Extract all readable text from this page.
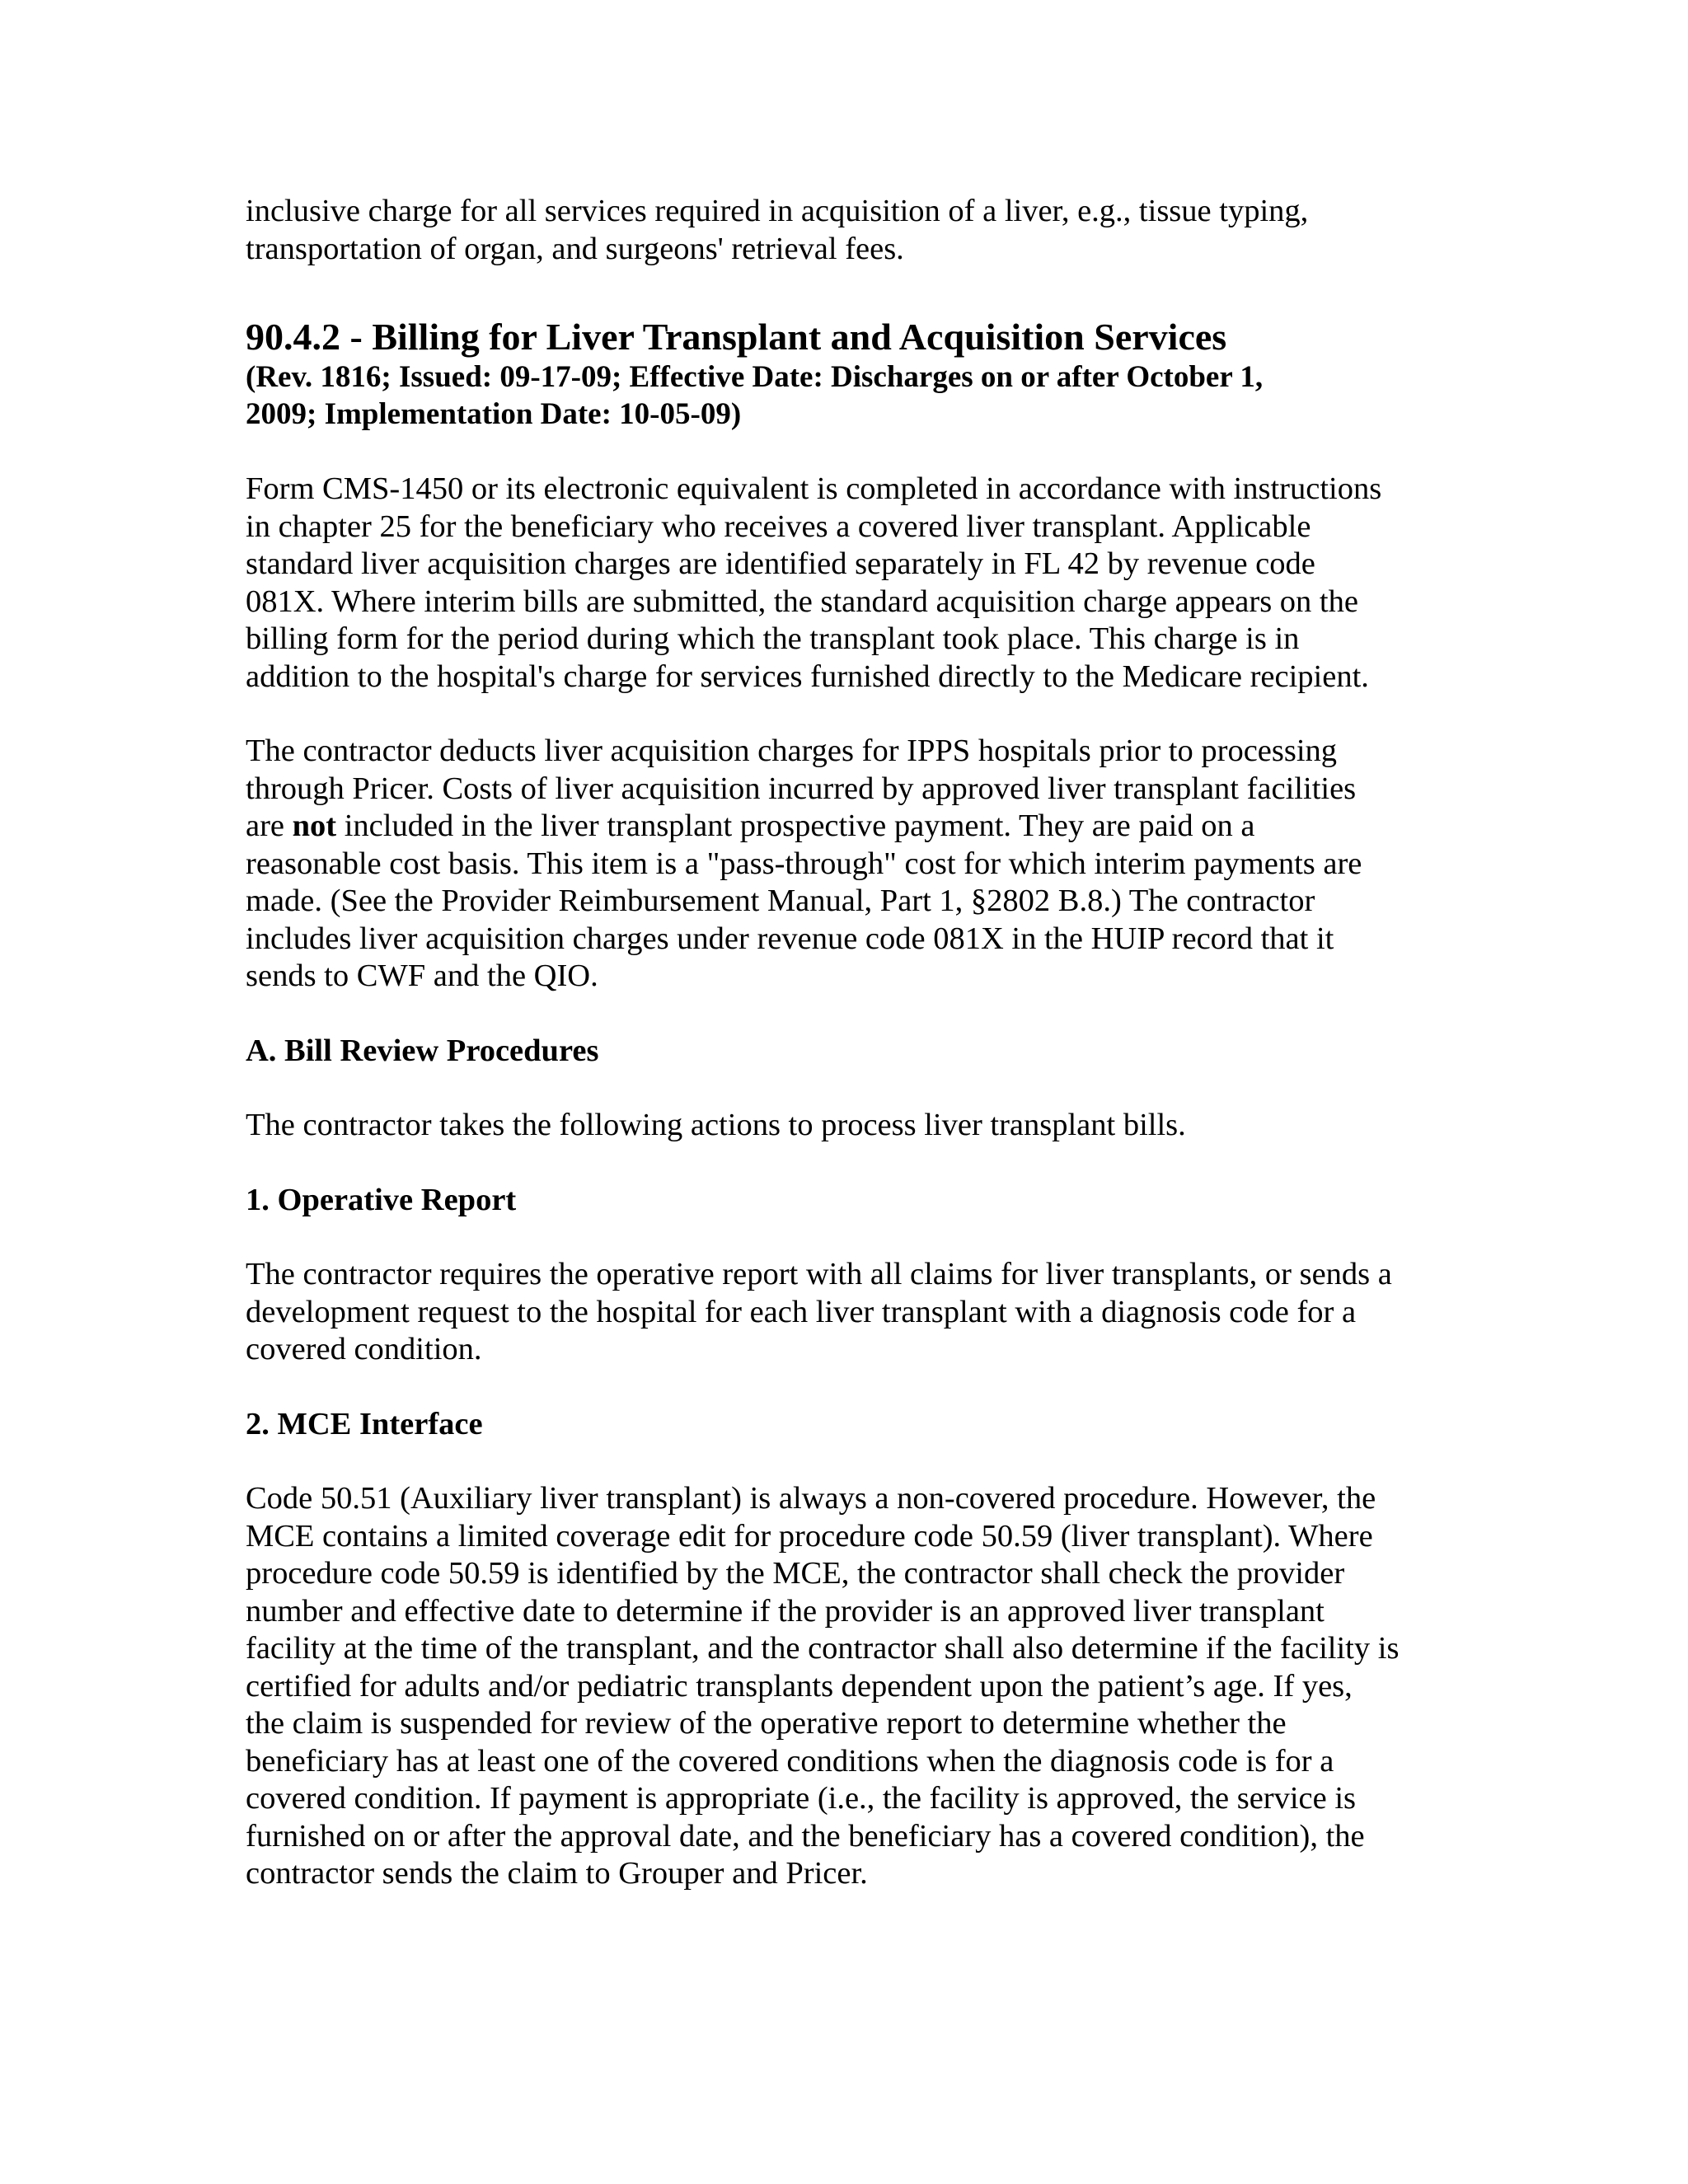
inclusive charge for all services required in acquisition of a liver, e.g., tissue typing,
transportation of organ, and surgeons' retrieval fees.

90.4.2 - Billing for Liver Transplant and Acquisition Services

(Rev. 1816; Issued: 09-17-09; Effective Date: Discharges on or after October 1,
2009; Implementation Date: 10-05-09)

Form CMS-1450 or its electronic equivalent is completed in accordance with instructions
in chapter 25 for the beneficiary who receives a covered liver transplant. Applicable
standard liver acquisition charges are identified separately in FL 42 by revenue code
081X. Where interim bills are submitted, the standard acquisition charge appears on the
billing form for the period during which the transplant took place. This charge is in
addition to the hospital's charge for services furnished directly to the Medicare recipient.

The contractor deducts liver acquisition charges for IPPS hospitals prior to processing
through Pricer. Costs of liver acquisition incurred by approved liver transplant facilities
are not included in the liver transplant prospective payment. They are paid on a
reasonable cost basis. This item is a "pass-through" cost for which interim payments are
made. (See the Provider Reimbursement Manual, Part 1, §2802 B.8.) The contractor
includes liver acquisition charges under revenue code 081X in the HUIP record that it
sends to CWF and the QIO.

A. Bill Review Procedures

The contractor takes the following actions to process liver transplant bills.

1. Operative Report

The contractor requires the operative report with all claims for liver transplants, or sends a
development request to the hospital for each liver transplant with a diagnosis code for a
covered condition.

2. MCE Interface

Code 50.51 (Auxiliary liver transplant) is always a non-covered procedure. However, the
MCE contains a limited coverage edit for procedure code 50.59 (liver transplant). Where
procedure code 50.59 is identified by the MCE, the contractor shall check the provider
number and effective date to determine if the provider is an approved liver transplant
facility at the time of the transplant, and the contractor shall also determine if the facility is
certified for adults and/or pediatric transplants dependent upon the patient’s age. If yes,
the claim is suspended for review of the operative report to determine whether the
beneficiary has at least one of the covered conditions when the diagnosis code is for a
covered condition. If payment is appropriate (i.e., the facility is approved, the service is
furnished on or after the approval date, and the beneficiary has a covered condition), the
contractor sends the claim to Grouper and Pricer.
